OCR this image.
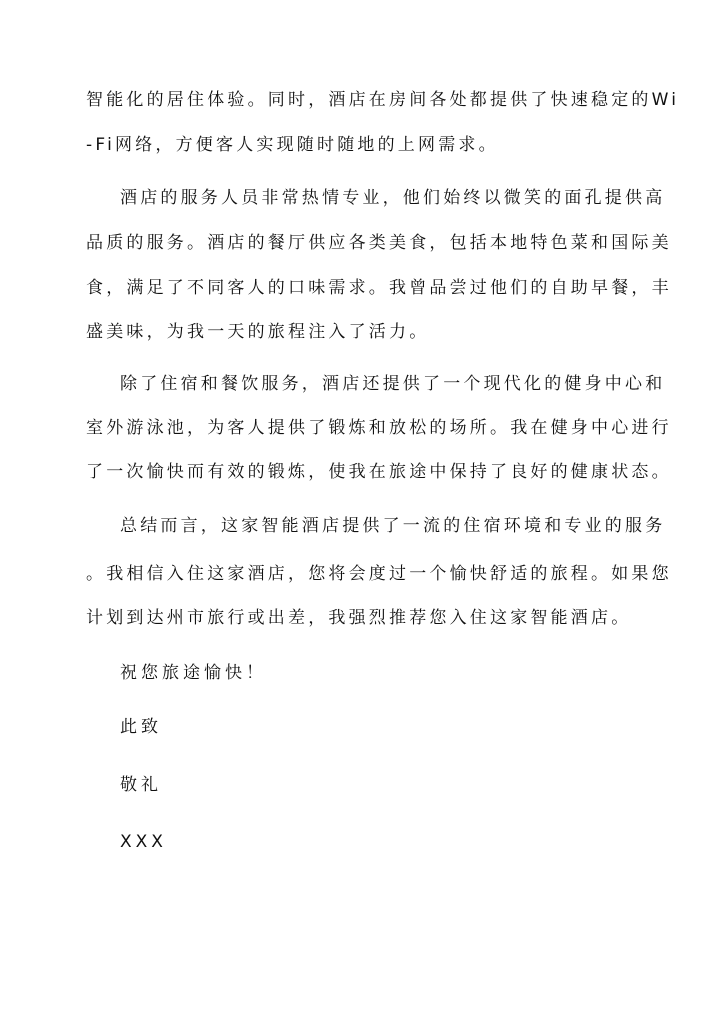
智能化的居住体验。同时，酒店在房间各处都提供了快速稳定的Wi
-Fi网络，方便客人实现随时随地的上网需求。
酒店的服务人员非常热情专业，他们始终以微笑的面孔提供高
品质的服务。酒店的餐厅供应各类美食，包括本地特色菜和国际美
食，满足了不同客人的口味需求。我曾品尝过他们的自助早餐，丰
盛美味，为我一天的旅程注入了活力。
除了住宿和餐饮服务，酒店还提供了一个现代化的健身中心和
室外游泳池，为客人提供了锻炼和放松的场所。我在健身中心进行
了一次愉快而有效的锻炼，使我在旅途中保持了良好的健康状态。
总结而言，这家智能酒店提供了一流的住宿环境和专业的服务
。我相信入住这家酒店，您将会度过一个愉快舒适的旅程。如果您
计划到达州市旅行或出差，我强烈推荐您入住这家智能酒店。
祝您旅途愉快！
此致
敬礼
XXX
